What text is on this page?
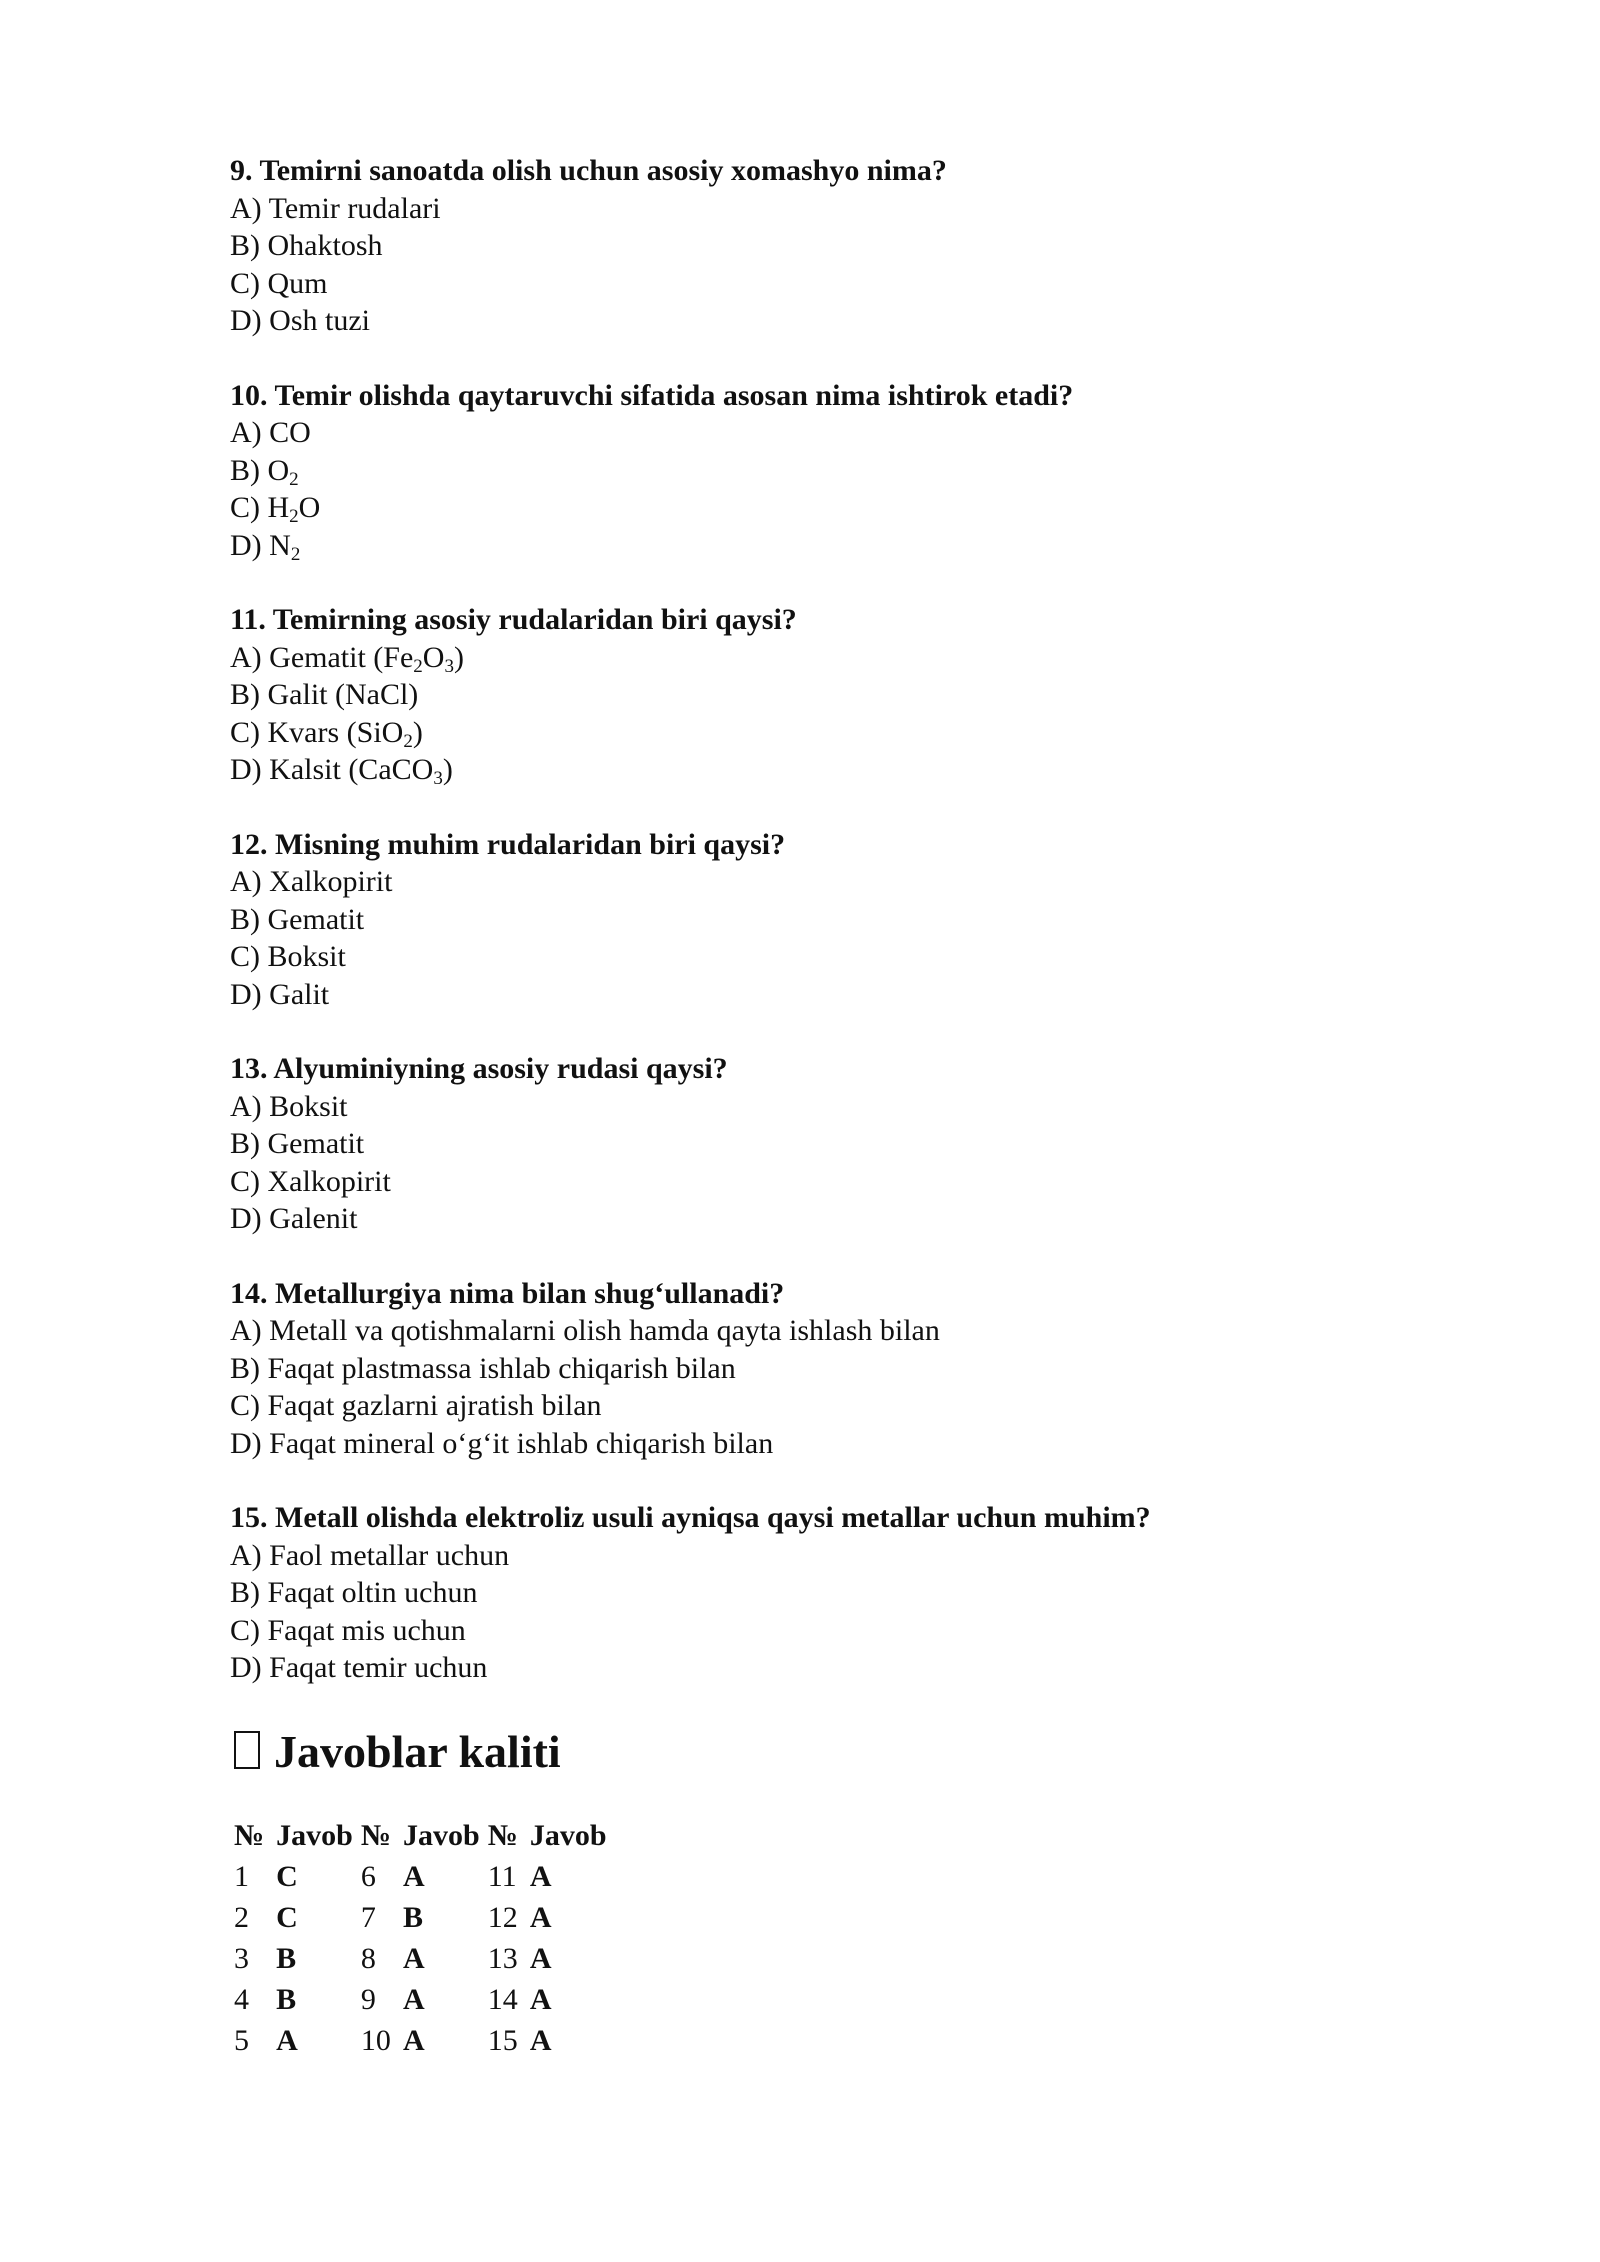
9. Temirni sanoatda olish uchun asosiy xomashyo nima?
A) Temir rudalari
B) Ohaktosh
C) Qum
D) Osh tuzi
10. Temir olishda qaytaruvchi sifatida asosan nima ishtirok etadi?
A) CO
B) $O_2$
C) $H_2O$
D) $N_2$
11. Temirning asosiy rudalaridan biri qaysi?
A) Gematit $(Fe_2O_3)$
B) Galit (NaCl)
C) Kvars (SiO$_2$)
D) Kalsit (CaCO$_3$)
12. Misning muhim rudalaridan biri qaysi?
A) Xalkopirit
B) Gematit
C) Boksit
D) Galit
13. Alyuminiyning asosiy rudasi qaysi?
A) Boksit
B) Gematit
C) Xalkopirit
D) Galenit
14. Metallurgiya nima bilan shug‘ullanadi?
A) Metall va qotishmalarni olish hamda qayta ishlash bilan
B) Faqat plastmassa ishlab chiqarish bilan
C) Faqat gazlarni ajratish bilan
D) Faqat mineral o‘g‘it ishlab chiqarish bilan
15. Metall olishda elektroliz usuli ayniqsa qaysi metallar uchun muhim?
A) Faol metallar uchun
B) Faqat oltin uchun
C) Faqat mis uchun
D) Faqat temir uchun
Javoblar kaliti
№	Javob	№	Javob	№	Javob
1	C	6	A	11	A
2	C	7	B	12	A
3	B	8	A	13	A
4	B	9	A	14	A
5	A	10	A	15	A
